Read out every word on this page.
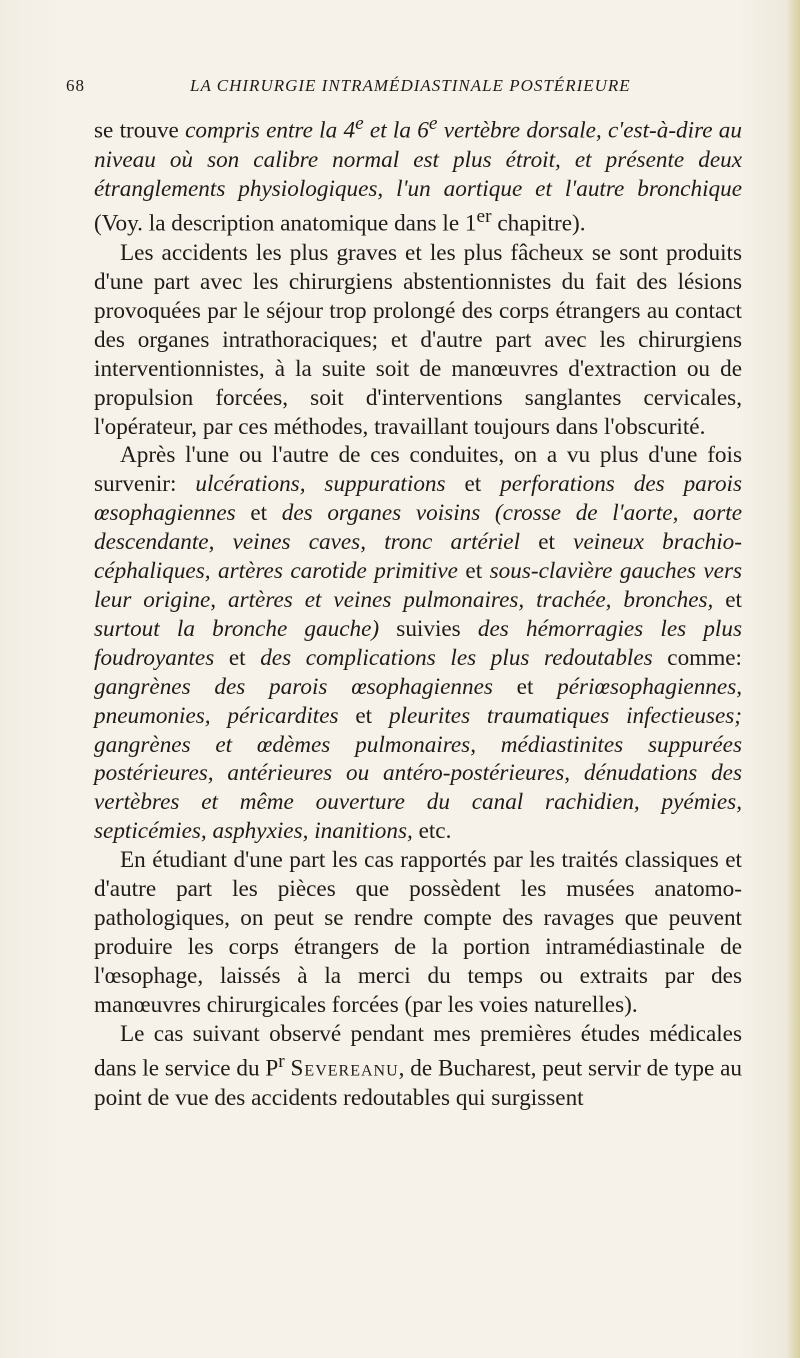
68	LA CHIRURGIE INTRAMÉDIASTINALE POSTÉRIEURE

se trouve compris entre la 4e et la 6e vertèbre dorsale, c'est-à-dire au niveau où son calibre normal est plus étroit, et présente deux étranglements physiologiques, l'un aortique et l'autre bronchique (Voy. la description anatomique dans le 1er chapitre).

Les accidents les plus graves et les plus fâcheux se sont produits d'une part avec les chirurgiens abstentionnistes du fait des lésions provoquées par le séjour trop prolongé des corps étrangers au contact des organes intrathoraciques; et d'autre part avec les chirurgiens interventionnistes, à la suite soit de manœuvres d'extraction ou de propulsion forcées, soit d'interventions sanglantes cervicales, l'opérateur, par ces méthodes, travaillant toujours dans l'obscurité.

Après l'une ou l'autre de ces conduites, on a vu plus d'une fois survenir: ulcérations, suppurations et perforations des parois œsophagiennes et des organes voisins (crosse de l'aorte, aorte descendante, veines caves, tronc artériel et veineux brachio-céphaliques, artères carotide primitive et sous-clavière gauches vers leur origine, artères et veines pulmonaires, trachée, bronches, et surtout la bronche gauche) suivies des hémorragies les plus foudroyantes et des complications les plus redoutables comme: gangrènes des parois œsophagiennes et périœsophagiennes, pneumonies, péricardites et pleurites traumatiques infectieuses; gangrènes et œdèmes pulmonaires, médiastinites suppurées postérieures, antérieures ou antéro-postérieures, dénudations des vertèbres et même ouverture du canal rachidien, pyémies, septicémies, asphyxies, inanitions, etc.

En étudiant d'une part les cas rapportés par les traités classiques et d'autre part les pièces que possèdent les musées anatomo-pathologiques, on peut se rendre compte des ravages que peuvent produire les corps étrangers de la portion intramédiastinale de l'œsophage, laissés à la merci du temps ou extraits par des manœuvres chirurgicales forcées (par les voies naturelles).

Le cas suivant observé pendant mes premières études médicales dans le service du $P^r$ Severeanu, de Bucharest, peut servir de type au point de vue des accidents redoutables qui surgissent
